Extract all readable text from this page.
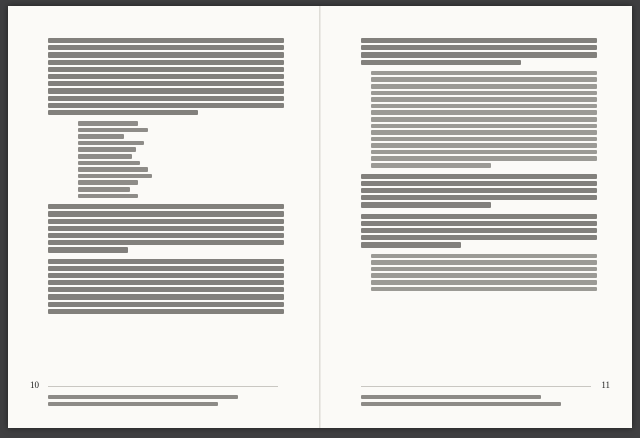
10	11
